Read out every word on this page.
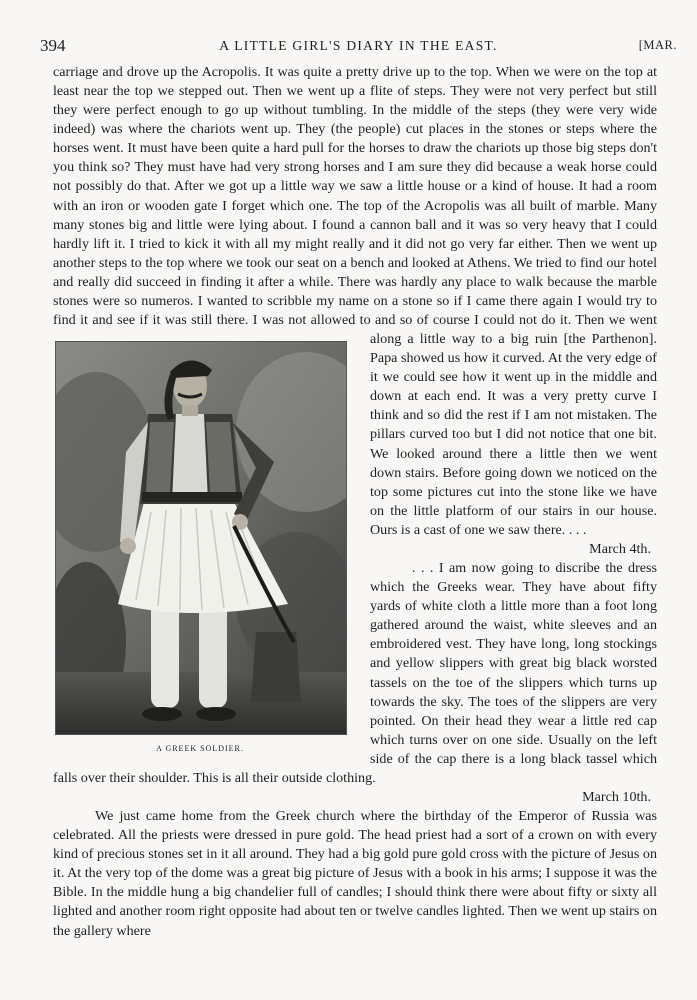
394	A LITTLE GIRL'S DIARY IN THE EAST.	[MAR.
A GREEK SOLDIER.

carriage and drove up the Acropolis. It was quite a pretty drive up to the top. When we were on the top at least near the top we stepped out. Then we went up a flite of steps. They were not very perfect but still they were perfect enough to go up without tumbling. In the middle of the steps (they were very wide indeed) was where the chariots went up. They (the people) cut places in the stones or steps where the horses went. It must have been quite a hard pull for the horses to draw the chariots up those big steps don't you think so? They must have had very strong horses and I am sure they did because a weak horse could not possibly do that. After we got up a little way we saw a little house or a kind of house. It had a room with an iron or wooden gate I forget which one. The top of the Acropolis was all built of marble. Many many stones big and little were lying about. I found a cannon ball and it was so very heavy that I could hardly lift it. I tried to kick it with all my might really and it did not go very far either. Then we went up another steps to the top where we took our seat on a bench and looked at Athens. We tried to find our hotel and really did succeed in finding it after a while. There was hardly any place to walk because the marble stones were so numeros. I wanted to scribble my name on a stone so if I came there again I would try to find it and see if it was still there. I was not allowed to and so of course I could not do it. Then we went along a little way to a big ruin [the Parthenon]. Papa showed us how it curved. At the very edge of it we could see how it went up in the middle and down at each end. It was a very pretty curve I think and so did the rest if I am not mistaken. The pillars curved too but I did not notice that one bit. We looked around there a little then we went down stairs. Before going down we noticed on the top some pictures cut into the stone like we have on the little platform of our stairs in our house. Ours is a cast of one we saw there. . . .

March 4th.

. . . I am now going to discribe the dress which the Greeks wear. They have about fifty yards of white cloth a little more than a foot long gathered around the waist, white sleeves and an embroidered vest. They have long, long stockings and yellow slippers with great big black worsted tassels on the toe of the slippers which turns up towards the sky. The toes of the slippers are very pointed. On their head they wear a little red cap which turns over on one side. Usually on the left side of the cap there is a long black tassel which falls over their shoulder. This is all their outside clothing.

March 10th.

We just came home from the Greek church where the birthday of the Emperor of Russia was celebrated. All the priests were dressed in pure gold. The head priest had a sort of a crown on with every kind of precious stones set in it all around. They had a big gold pure gold cross with the picture of Jesus on it. At the very top of the dome was a great big picture of Jesus with a book in his arms; I suppose it was the Bible. In the middle hung a big chandelier full of candles; I should think there were about fifty or sixty all lighted and another room right opposite had about ten or twelve candles lighted. Then we went up stairs on the gallery where
